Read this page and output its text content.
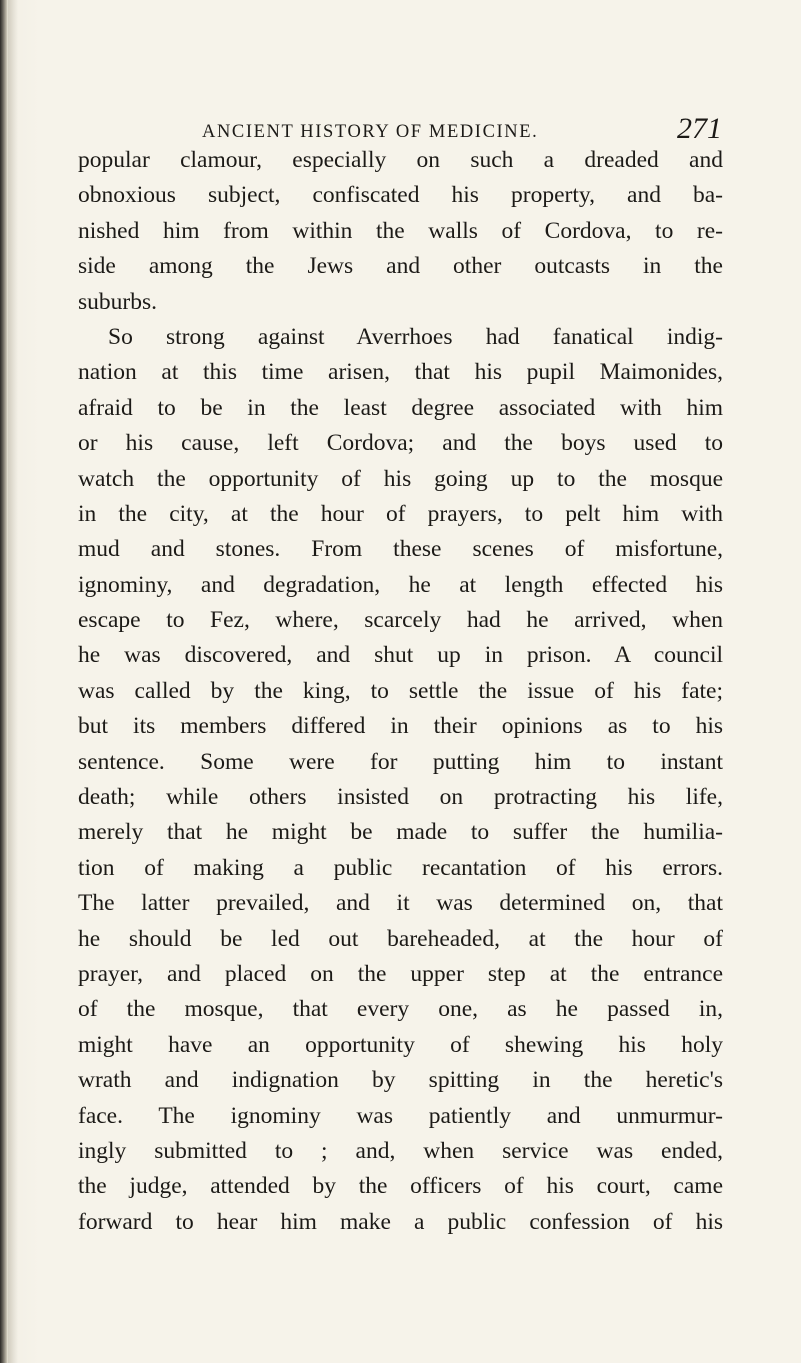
ANCIENT HISTORY OF MEDICINE.	271
popular clamour, especially on such a dreaded and
obnoxious subject, confiscated his property, and ba-
nished him from within the walls of Cordova, to re-
side among the Jews and other outcasts in the
suburbs.
So strong against Averrhoes had fanatical indig-
nation at this time arisen, that his pupil Maimonides,
afraid to be in the least degree associated with him
or his cause, left Cordova; and the boys used to
watch the opportunity of his going up to the mosque
in the city, at the hour of prayers, to pelt him with
mud and stones. From these scenes of misfortune,
ignominy, and degradation, he at length effected his
escape to Fez, where, scarcely had he arrived, when
he was discovered, and shut up in prison. A council
was called by the king, to settle the issue of his fate;
but its members differed in their opinions as to his
sentence. Some were for putting him to instant
death; while others insisted on protracting his life,
merely that he might be made to suffer the humilia-
tion of making a public recantation of his errors.
The latter prevailed, and it was determined on, that
he should be led out bareheaded, at the hour of
prayer, and placed on the upper step at the entrance
of the mosque, that every one, as he passed in,
might have an opportunity of shewing his holy
wrath and indignation by spitting in the heretic's
face. The ignominy was patiently and unmurmur-
ingly submitted to ; and, when service was ended,
the judge, attended by the officers of his court, came
forward to hear him make a public confession of his
